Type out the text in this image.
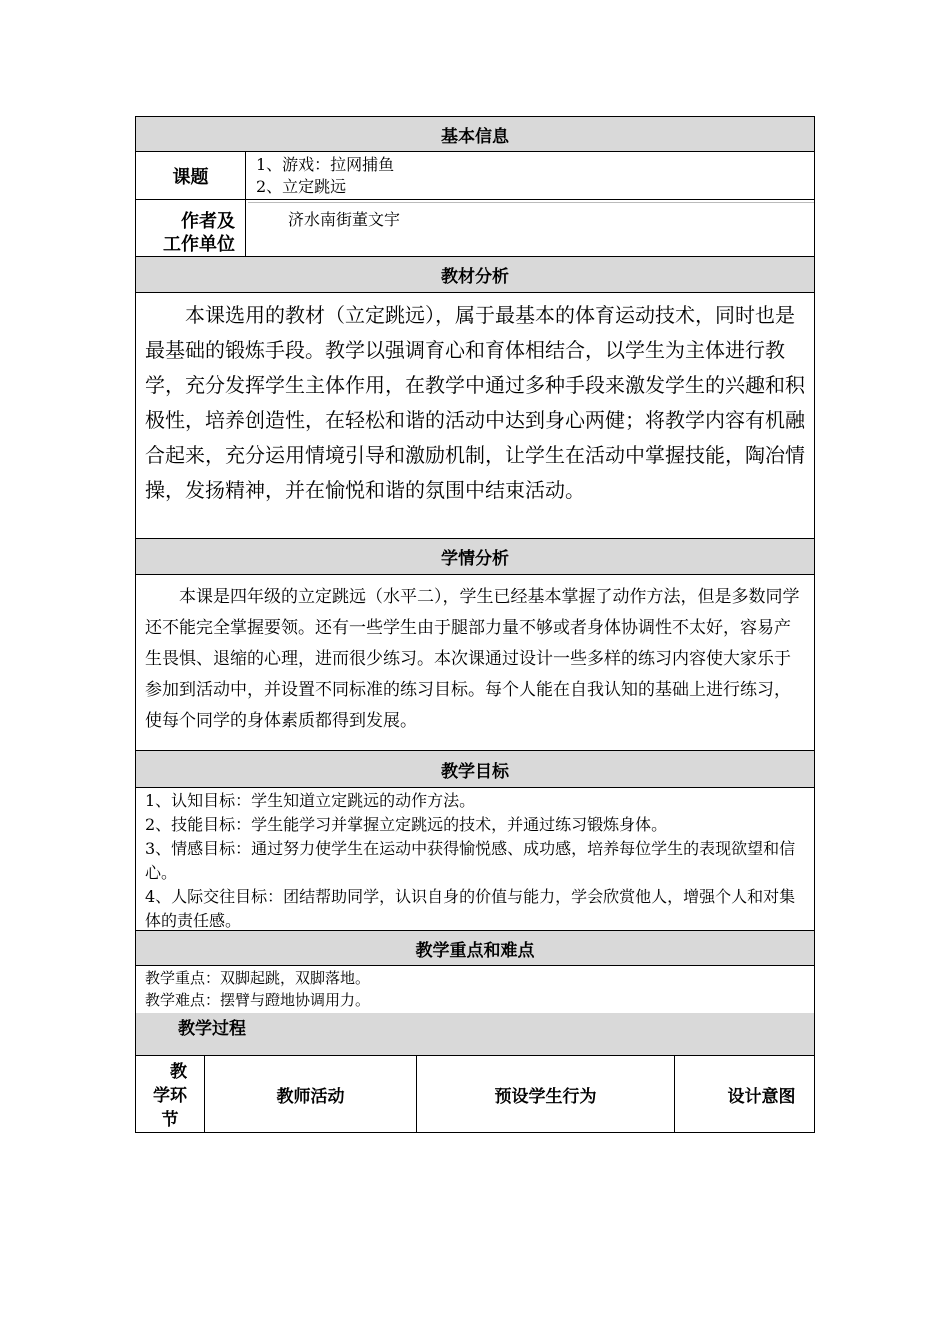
基本信息
课题
1、游戏：拉网捕鱼
2、立定跳远
作者及
工作单位
济水南街董文宇
教材分析

本课选用的教材（立定跳远），属于最基本的体育运动技术，同时也是最基础的锻炼手段。教学以强调育心和育体相结合，以学生为主体进行教学，充分发挥学生主体作用，在教学中通过多种手段来激发学生的兴趣和积极性，培养创造性，在轻松和谐的活动中达到身心两健；将教学内容有机融合起来，充分运用情境引导和激励机制，让学生在活动中掌握技能，陶冶情操，发扬精神，并在愉悦和谐的氛围中结束活动。

学情分析

本课是四年级的立定跳远（水平二），学生已经基本掌握了动作方法，但是多数同学还不能完全掌握要领。还有一些学生由于腿部力量不够或者身体协调性不太好，容易产生畏惧、退缩的心理，进而很少练习。本次课通过设计一些多样的练习内容使大家乐于参加到活动中，并设置不同标准的练习目标。每个人能在自我认知的基础上进行练习，使每个同学的身体素质都得到发展。

教学目标
1、认知目标：学生知道立定跳远的动作方法。
2、技能目标：学生能学习并掌握立定跳远的技术，并通过练习锻炼身体。
3、情感目标：通过努力使学生在运动中获得愉悦感、成功感，培养每位学生的表现欲望和信心。
4、人际交往目标：团结帮助同学，认识自身的价值与能力，学会欣赏他人，增强个人和对集体的责任感。
教学重点和难点
教学重点：双脚起跳，双脚落地。
教学难点：摆臂与蹬地协调用力。
教学过程
教
学环
节
教师活动	预设学生行为	设计意图
